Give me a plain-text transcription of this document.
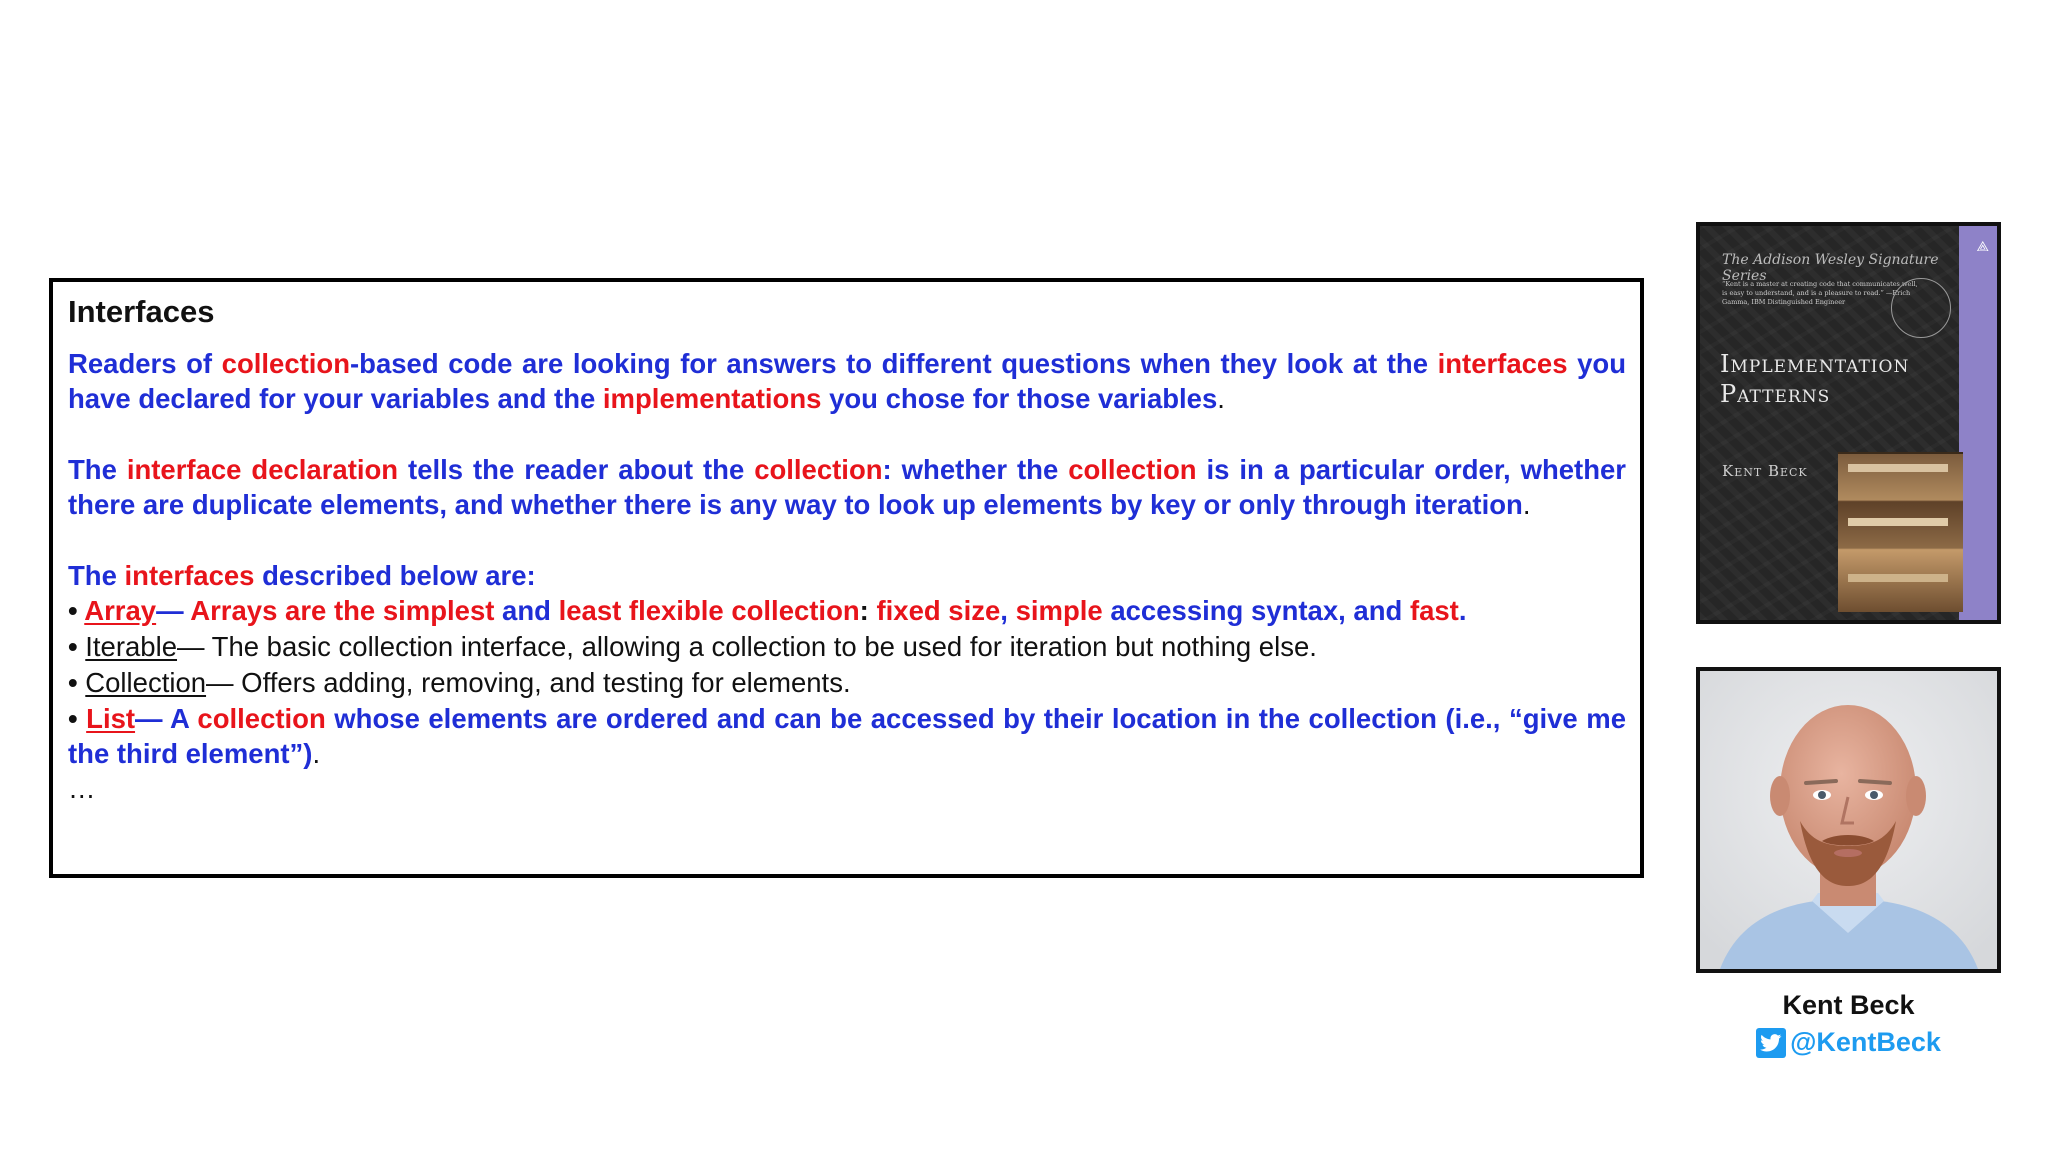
Interfaces

Readers of collection-based code are looking for answers to different questions when they look at the interfaces you have declared for your variables and the implementations you chose for those variables.

The interface declaration tells the reader about the collection: whether the collection is in a particular order, whether there are duplicate elements, and whether there is any way to look up elements by key or only through iteration.

The interfaces described below are:

• Array— Arrays are the simplest and least flexible collection: fixed size, simple accessing syntax, and fast.

• Iterable— The basic collection interface, allowing a collection to be used for iteration but nothing else.

• Collection— Offers adding, removing, and testing for elements.

• List— A collection whose elements are ordered and can be accessed by their location in the collection (i.e., “give me the third element”).

…

⟁
The Addison Wesley Signature Series
“Kent is a master at creating code that communicates well, is easy to understand, and is a pleasure to read.” —Erich Gamma, IBM Distinguished Engineer
Implementation
Patterns
Kent Beck
Kent Beck
@KentBeck
